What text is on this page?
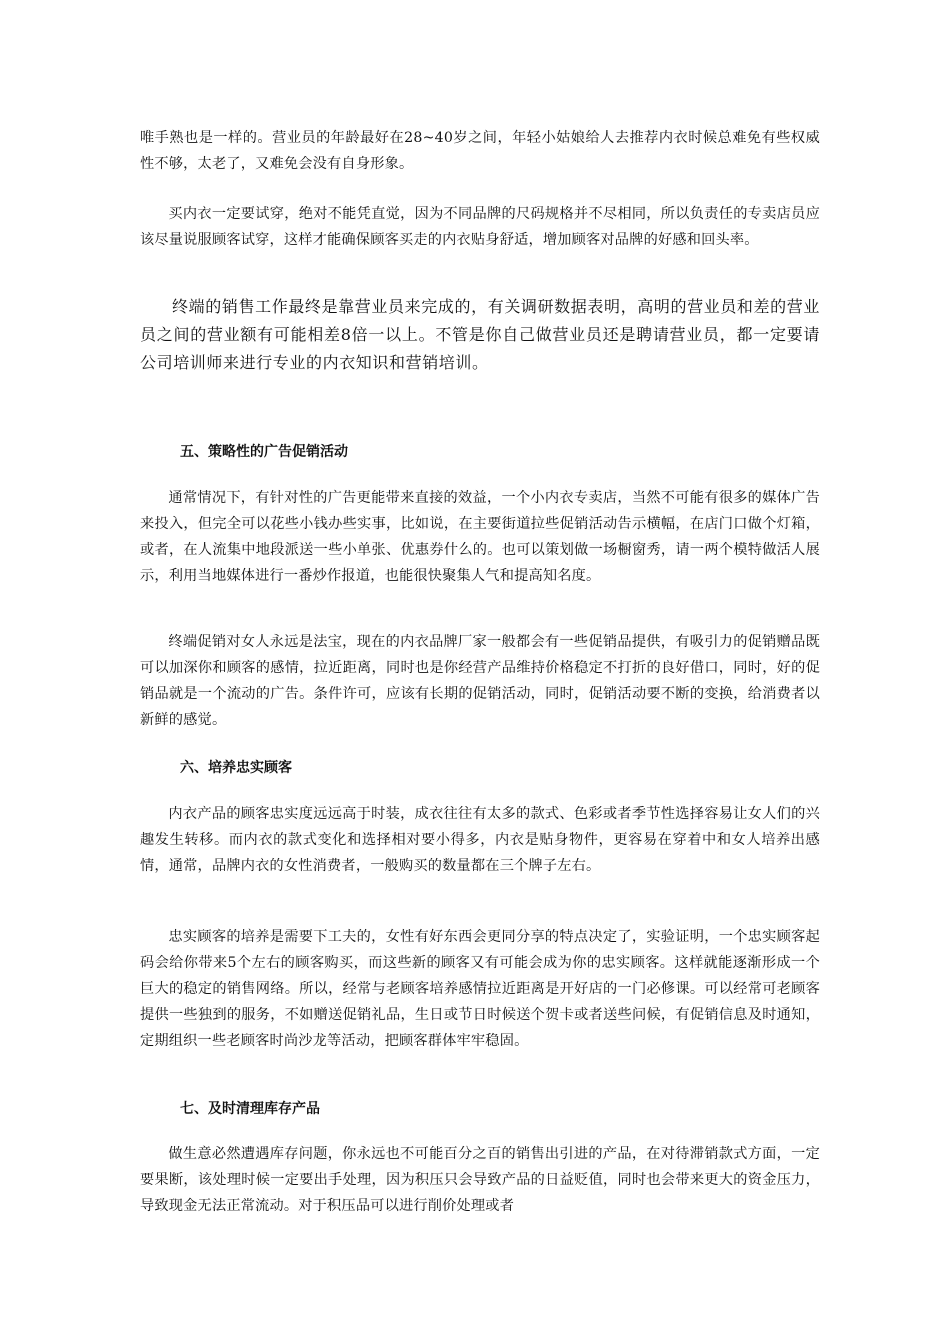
唯手熟也是一样的。营业员的年龄最好在28~40岁之间，年轻小姑娘给人去推荐内衣时候总难免有些权威性不够，太老了，又难免会没有自身形象。

买内衣一定要试穿，绝对不能凭直觉，因为不同品牌的尺码规格并不尽相同，所以负责任的专卖店员应该尽量说服顾客试穿，这样才能确保顾客买走的内衣贴身舒适，增加顾客对品牌的好感和回头率。

终端的销售工作最终是靠营业员来完成的，有关调研数据表明，高明的营业员和差的营业员之间的营业额有可能相差8倍一以上。不管是你自己做营业员还是聘请营业员，都一定要请公司培训师来进行专业的内衣知识和营销培训。

五、策略性的广告促销活动

通常情况下，有针对性的广告更能带来直接的效益，一个小内衣专卖店，当然不可能有很多的媒体广告来投入，但完全可以花些小钱办些实事，比如说，在主要街道拉些促销活动告示横幅，在店门口做个灯箱，或者，在人流集中地段派送一些小单张、优惠券什么的。也可以策划做一场橱窗秀，请一两个模特做活人展示，利用当地媒体进行一番炒作报道，也能很快聚集人气和提高知名度。

终端促销对女人永远是法宝，现在的内衣品牌厂家一般都会有一些促销品提供，有吸引力的促销赠品既可以加深你和顾客的感情，拉近距离，同时也是你经营产品维持价格稳定不打折的良好借口，同时，好的促销品就是一个流动的广告。条件许可，应该有长期的促销活动，同时，促销活动要不断的变换，给消费者以新鲜的感觉。

六、培养忠实顾客

内衣产品的顾客忠实度远远高于时装，成衣往往有太多的款式、色彩或者季节性选择容易让女人们的兴趣发生转移。而内衣的款式变化和选择相对要小得多，内衣是贴身物件，更容易在穿着中和女人培养出感情，通常，品牌内衣的女性消费者，一般购买的数量都在三个牌子左右。

忠实顾客的培养是需要下工夫的，女性有好东西会更同分享的特点决定了，实验证明，一个忠实顾客起码会给你带来5个左右的顾客购买，而这些新的顾客又有可能会成为你的忠实顾客。这样就能逐渐形成一个巨大的稳定的销售网络。所以，经常与老顾客培养感情拉近距离是开好店的一门必修课。可以经常可老顾客提供一些独到的服务，不如赠送促销礼品，生日或节日时候送个贺卡或者送些问候，有促销信息及时通知，定期组织一些老顾客时尚沙龙等活动，把顾客群体牢牢稳固。

七、及时清理库存产品

做生意必然遭遇库存问题，你永远也不可能百分之百的销售出引进的产品，在对待滞销款式方面，一定要果断，该处理时候一定要出手处理，因为积压只会导致产品的日益贬值，同时也会带来更大的资金压力，导致现金无法正常流动。对于积压品可以进行削价处理或者
